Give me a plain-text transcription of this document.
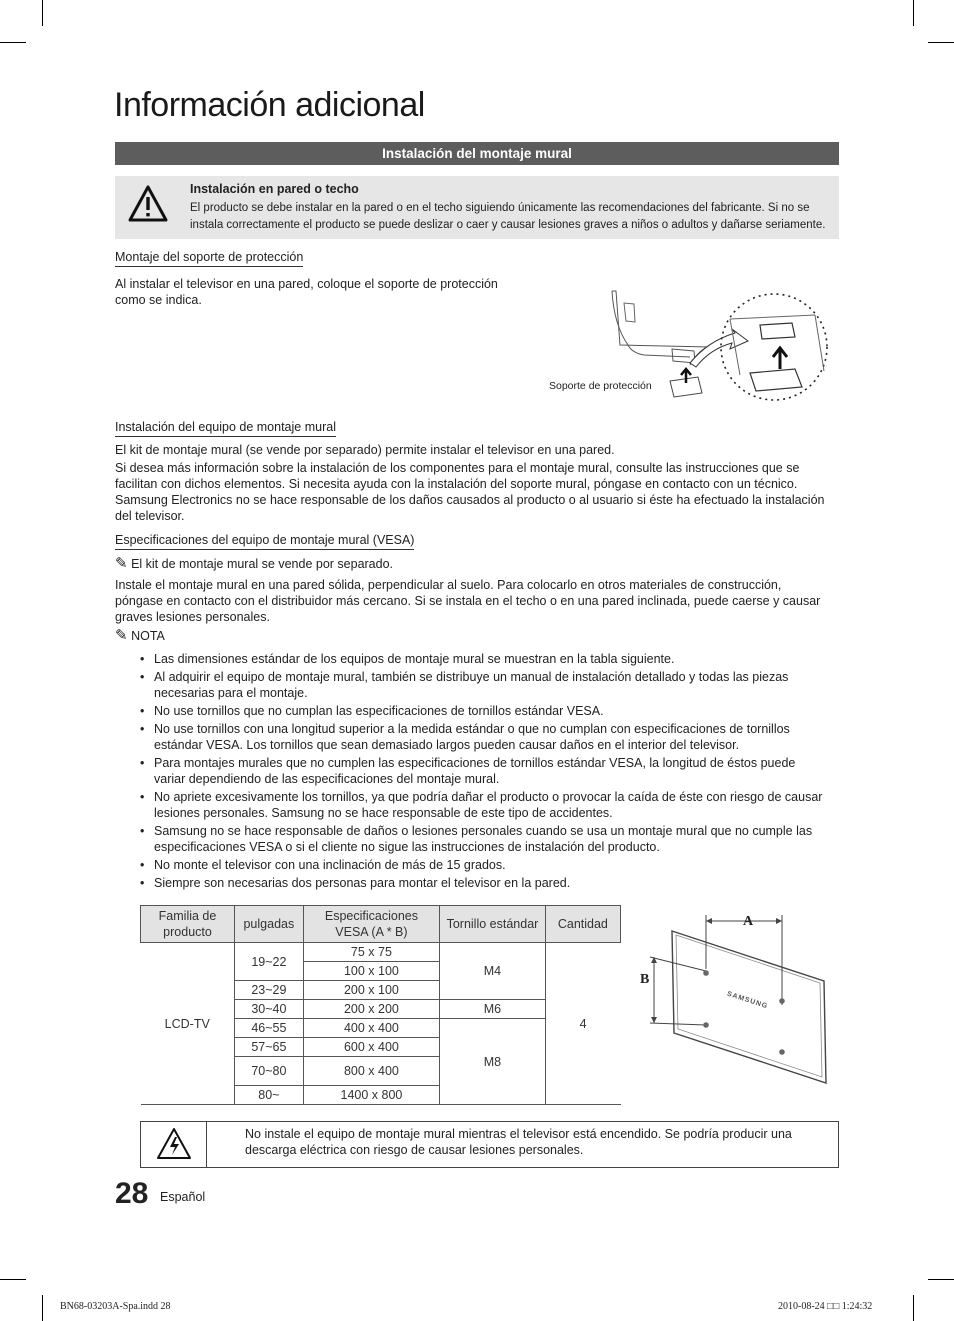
Información adicional
Instalación del montaje mural
Instalación en pared o techo
El producto se debe instalar en la pared o en el techo siguiendo únicamente las recomendaciones del fabricante. Si no se instala correctamente el producto se puede deslizar o caer y causar lesiones graves a niños o adultos y dañarse seriamente.
Montaje del soporte de protección
Al instalar el televisor en una pared, coloque el soporte de protección como se indica.
Soporte de protección
Instalación del equipo de montaje mural
El kit de montaje mural (se vende por separado) permite instalar el televisor en una pared.
Si desea más información sobre la instalación de los componentes para el montaje mural, consulte las instrucciones que se facilitan con dichos elementos. Si necesita ayuda con la instalación del soporte mural, póngase en contacto con un técnico. Samsung Electronics no se hace responsable de los daños causados al producto o al usuario si éste ha efectuado la instalación del televisor.
Especificaciones del equipo de montaje mural (VESA)
✎ El kit de montaje mural se vende por separado.
Instale el montaje mural en una pared sólida, perpendicular al suelo. Para colocarlo en otros materiales de construcción, póngase en contacto con el distribuidor más cercano. Si se instala en el techo o en una pared inclinada, puede caerse y causar graves lesiones personales.
✎ NOTA
• Las dimensiones estándar de los equipos de montaje mural se muestran en la tabla siguiente.
• Al adquirir el equipo de montaje mural, también se distribuye un manual de instalación detallado y todas las piezas necesarias para el montaje.
• No use tornillos que no cumplan las especificaciones de tornillos estándar VESA.
• No use tornillos con una longitud superior a la medida estándar o que no cumplan con especificaciones de tornillos estándar VESA. Los tornillos que sean demasiado largos pueden causar daños en el interior del televisor.
• Para montajes murales que no cumplen las especificaciones de tornillos estándar VESA, la longitud de éstos puede variar dependiendo de las especificaciones del montaje mural.
• No apriete excesivamente los tornillos, ya que podría dañar el producto o provocar la caída de éste con riesgo de causar lesiones personales. Samsung no se hace responsable de este tipo de accidentes.
• Samsung no se hace responsable de daños o lesiones personales cuando se usa un montaje mural que no cumple las especificaciones VESA o si el cliente no sigue las instrucciones de instalación del producto.
• No monte el televisor con una inclinación de más de 15 grados.
• Siempre son necesarias dos personas para montar el televisor en la pared.
Familia de producto	pulgadas	Especificaciones VESA (A * B)	Tornillo estándar	Cantidad
LCD-TV	19~22	75 x 75	M4	4
		100 x 100		
	23~29	200 x 100		
	30~40	200 x 200	M6	
	46~55	400 x 400	M8	
	57~65	600 x 400		
	70~80	800 x 400		
	80~	1400 x 800		
A
B
SAMSUNG
No instale el equipo de montaje mural mientras el televisor está encendido. Se podría producir una descarga eléctrica con riesgo de causar lesiones personales.
28 Español
BN68-03203A-Spa.indd 28	2010-08-24 □□ 1:24:32
